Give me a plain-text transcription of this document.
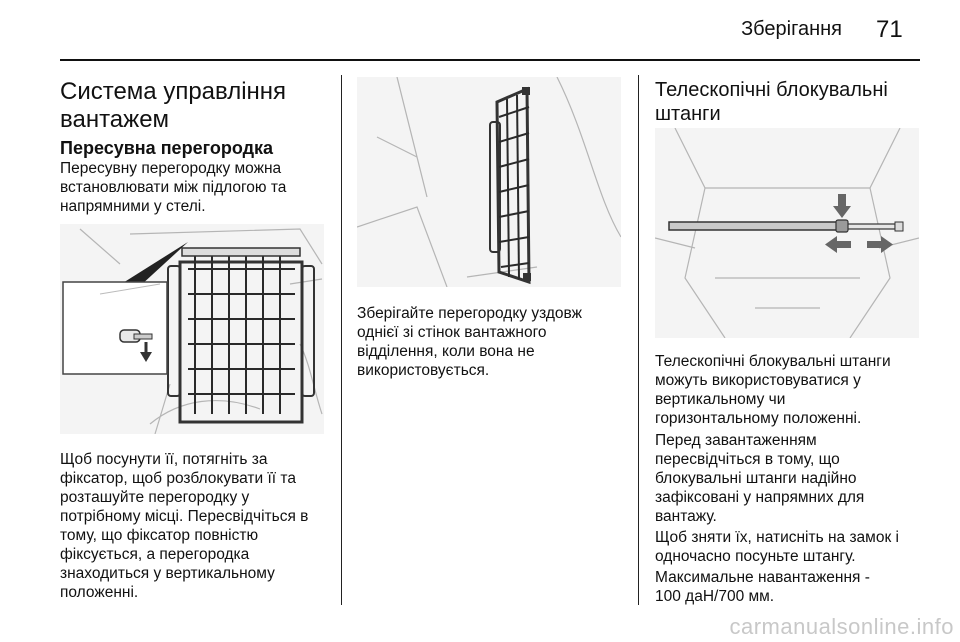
Зберігання 71
Система управління
вантажем
Пересувна перегородка
Пересувну перегородку можна
встановлювати між підлогою та
напрямними у стелі.
Щоб посунути її, потягніть за
фіксатор, щоб розблокувати її та
розташуйте перегородку у
потрібному місці. Пересвідчіться в
тому, що фіксатор повністю
фіксується, а перегородка
знаходиться у вертикальному
положенні.
Зберігайте перегородку уздовж
однієї зі стінок вантажного
відділення, коли вона не
використовується.
Телескопічні блокувальні
штанги
Телескопічні блокувальні штанги
можуть використовуватися у
вертикальному чи
горизонтальному положенні.
Перед завантаженням
пересвідчіться в тому, що
блокувальні штанги надійно
зафіксовані у напрямних для
вантажу.
Щоб зняти їх, натисніть на замок і
одночасно посуньте штангу.
Максимальне навантаження -
100 даН/700 мм.
carmanualsonline.info
